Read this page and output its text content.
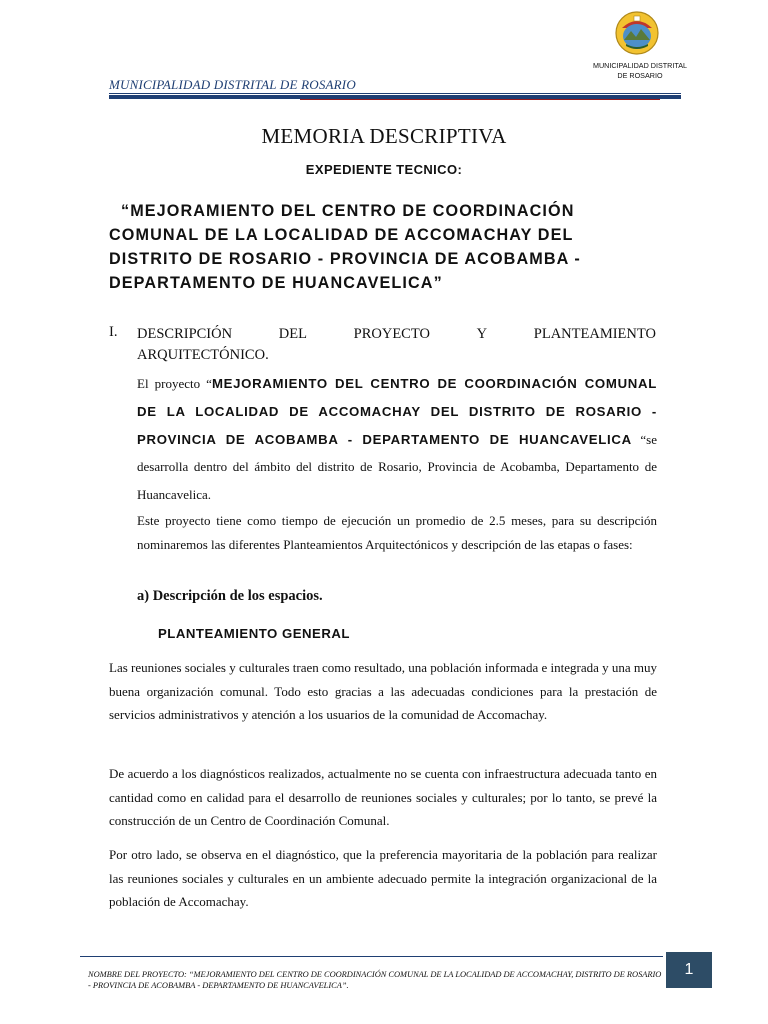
MUNICIPALIDAD DISTRITAL
DE ROSARIO
MUNICIPALIDAD DISTRITAL DE ROSARIO
MEMORIA DESCRIPTIVA
EXPEDIENTE TECNICO:
“MEJORAMIENTO DEL CENTRO DE COORDINACIÓN
COMUNAL DE LA LOCALIDAD DE ACCOMACHAY DEL
DISTRITO DE ROSARIO - PROVINCIA DE ACOBAMBA -
DEPARTAMENTO DE HUANCAVELICA”
I. DESCRIPCIÓN	DEL	PROYECTO	Y	PLANTEAMIENTO
ARQUITECTÓNICO.
El proyecto “MEJORAMIENTO DEL CENTRO DE COORDINACIÓN COMUNAL DE LA LOCALIDAD DE ACCOMACHAY DEL DISTRITO DE ROSARIO - PROVINCIA DE ACOBAMBA - DEPARTAMENTO DE HUANCAVELICA “se desarrolla dentro del ámbito del distrito de Rosario, Provincia de Acobamba, Departamento de Huancavelica.
Este proyecto tiene como tiempo de ejecución un promedio de 2.5 meses, para su descripción nominaremos las diferentes Planteamientos Arquitectónicos y descripción de las etapas o fases:
a) Descripción de los espacios.
PLANTEAMIENTO GENERAL
Las reuniones sociales y culturales traen como resultado, una población informada e integrada y una muy buena organización comunal. Todo esto gracias a las adecuadas condiciones para la prestación de servicios administrativos y atención a los usuarios de la comunidad de Accomachay.
De acuerdo a los diagnósticos realizados, actualmente no se cuenta con infraestructura adecuada tanto en cantidad como en calidad para el desarrollo de reuniones sociales y culturales; por lo tanto, se prevé la construcción de un Centro de Coordinación Comunal.
Por otro lado, se observa en el diagnóstico, que la preferencia mayoritaria de la población para realizar las reuniones sociales y culturales en un ambiente adecuado permite la integración organizacional de la población de Accomachay.
NOMBRE DEL PROYECTO: “MEJORAMIENTO DEL CENTRO DE COORDINACIÓN COMUNAL DE LA LOCALIDAD DE ACCOMACHAY, DISTRITO DE ROSARIO - PROVINCIA DE ACOBAMBA - DEPARTAMENTO DE HUANCAVELICA”.
1
